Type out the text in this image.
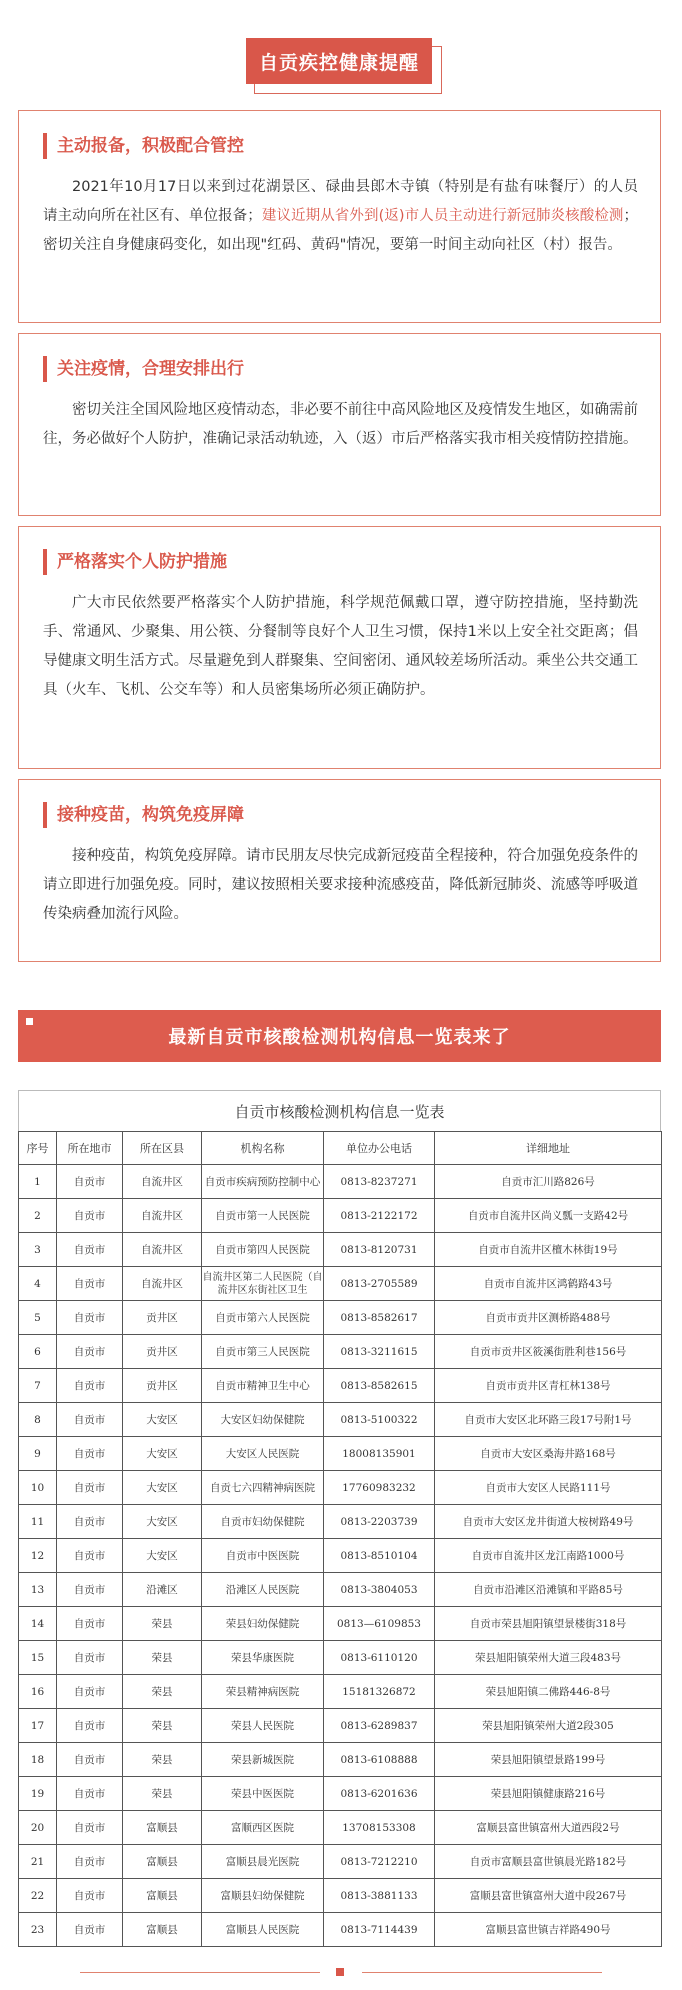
自贡疾控健康提醒
主动报备，积极配合管控
2021年10月17日以来到过花湖景区、碌曲县郎木寺镇（特别是有盐有味餐厅）的人员请主动向所在社区有、单位报备；建议近期从省外到(返)市人员主动进行新冠肺炎核酸检测；密切关注自身健康码变化，如出现"红码、黄码"情况，要第一时间主动向社区（村）报告。
关注疫情，合理安排出行
密切关注全国风险地区疫情动态，非必要不前往中高风险地区及疫情发生地区，如确需前往，务必做好个人防护，准确记录活动轨迹，入（返）市后严格落实我市相关疫情防控措施。
严格落实个人防护措施
广大市民依然要严格落实个人防护措施，科学规范佩戴口罩，遵守防控措施，坚持勤洗手、常通风、少聚集、用公筷、分餐制等良好个人卫生习惯，保持1米以上安全社交距离；倡导健康文明生活方式。尽量避免到人群聚集、空间密闭、通风较差场所活动。乘坐公共交通工具（火车、飞机、公交车等）和人员密集场所必须正确防护。
接种疫苗，构筑免疫屏障
接种疫苗，构筑免疫屏障。请市民朋友尽快完成新冠疫苗全程接种，符合加强免疫条件的请立即进行加强免疫。同时，建议按照相关要求接种流感疫苗，降低新冠肺炎、流感等呼吸道传染病叠加流行风险。
最新自贡市核酸检测机构信息一览表来了
自贡市核酸检测机构信息一览表
序号	所在地市	所在区县	机构名称	单位办公电话	详细地址
1	自贡市	自流井区	自贡市疾病预防控制中心	0813-8237271	自贡市汇川路826号
2	自贡市	自流井区	自贡市第一人民医院	0813-2122172	自贡市自流井区尚义瓢一支路42号
3	自贡市	自流井区	自贡市第四人民医院	0813-8120731	自贡市自流井区檀木林街19号
4	自贡市	自流井区	自流井区第二人民医院（自流井区东街社区卫生	0813-2705589	自贡市自流井区鸿鹤路43号
5	自贡市	贡井区	自贡市第六人民医院	0813-8582617	自贡市贡井区测桥路488号
6	自贡市	贡井区	自贡市第三人民医院	0813-3211615	自贡市贡井区筱溪街胜利巷156号
7	自贡市	贡井区	自贡市精神卫生中心	0813-8582615	自贡市贡井区青杠林138号
8	自贡市	大安区	大安区妇幼保健院	0813-5100322	自贡市大安区北环路三段17号附1号
9	自贡市	大安区	大安区人民医院	18008135901	自贡市大安区桑海井路168号
10	自贡市	大安区	自贡七六四精神病医院	17760983232	自贡市大安区人民路111号
11	自贡市	大安区	自贡市妇幼保健院	0813-2203739	自贡市大安区龙井街道大桉树路49号
12	自贡市	大安区	自贡市中医医院	0813-8510104	自贡市自流井区龙江南路1000号
13	自贡市	沿滩区	沿滩区人民医院	0813-3804053	自贡市沿滩区沿滩镇和平路85号
14	自贡市	荣县	荣县妇幼保健院	0813—6109853	自贡市荣县旭阳镇望景楼街318号
15	自贡市	荣县	荣县华康医院	0813-6110120	荣县旭阳镇荣州大道三段483号
16	自贡市	荣县	荣县精神病医院	15181326872	荣县旭阳镇二佛路446-8号
17	自贡市	荣县	荣县人民医院	0813-6289837	荣县旭阳镇荣州大道2段305
18	自贡市	荣县	荣县新城医院	0813-6108888	荣县旭阳镇望景路199号
19	自贡市	荣县	荣县中医医院	0813-6201636	荣县旭阳镇健康路216号
20	自贡市	富顺县	富顺西区医院	13708153308	富顺县富世镇富州大道西段2号
21	自贡市	富顺县	富顺县晨光医院	0813-7212210	自贡市富顺县富世镇晨光路182号
22	自贡市	富顺县	富顺县妇幼保健院	0813-3881133	富顺县富世镇富州大道中段267号
23	自贡市	富顺县	富顺县人民医院	0813-7114439	富顺县富世镇吉祥路490号
